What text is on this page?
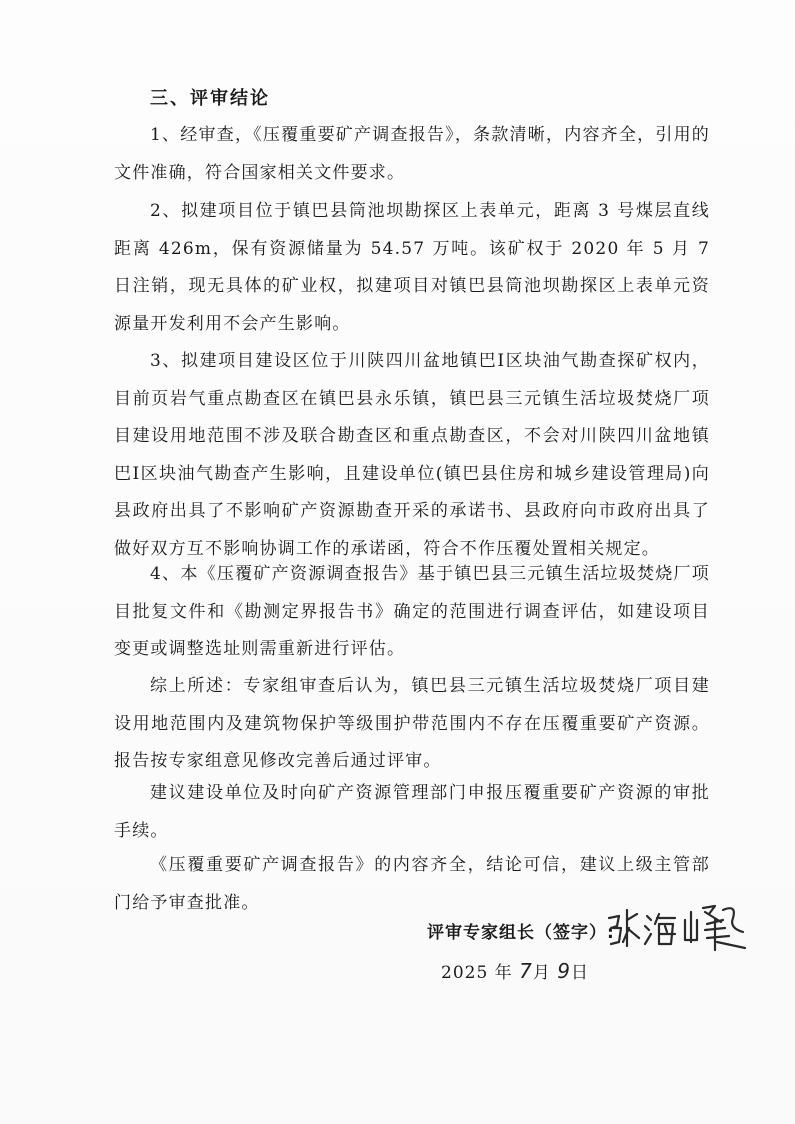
三、评审结论

1、经审查，《压覆重要矿产调查报告》，条款清晰，内容齐全，引用的文件准确，符合国家相关文件要求。

2、拟建项目位于镇巴县筒池坝勘探区上表单元，距离 3 号煤层直线距离 426m，保有资源储量为 54.57 万吨。该矿权于 2020 年 5 月 7 日注销，现无具体的矿业权，拟建项目对镇巴县筒池坝勘探区上表单元资源量开发利用不会产生影响。

3、拟建项目建设区位于川陕四川盆地镇巴Ⅰ区块油气勘查探矿权内，目前页岩气重点勘查区在镇巴县永乐镇，镇巴县三元镇生活垃圾焚烧厂项目建设用地范围不涉及联合勘查区和重点勘查区，不会对川陕四川盆地镇巴Ⅰ区块油气勘查产生影响，且建设单位(镇巴县住房和城乡建设管理局)向县政府出具了不影响矿产资源勘查开采的承诺书、县政府向市政府出具了做好双方互不影响协调工作的承诺函，符合不作压覆处置相关规定。

4、本《压覆矿产资源调查报告》基于镇巴县三元镇生活垃圾焚烧厂项目批复文件和《勘测定界报告书》确定的范围进行调查评估，如建设项目变更或调整选址则需重新进行评估。

综上所述：专家组审查后认为，镇巴县三元镇生活垃圾焚烧厂项目建设用地范围内及建筑物保护等级围护带范围内不存在压覆重要矿产资源。报告按专家组意见修改完善后通过评审。

建议建设单位及时向矿产资源管理部门申报压覆重要矿产资源的审批手续。

《压覆重要矿产调查报告》的内容齐全，结论可信，建议上级主管部门给予审查批准。

评审专家组长（签字）:
2025 年 7月 9日
